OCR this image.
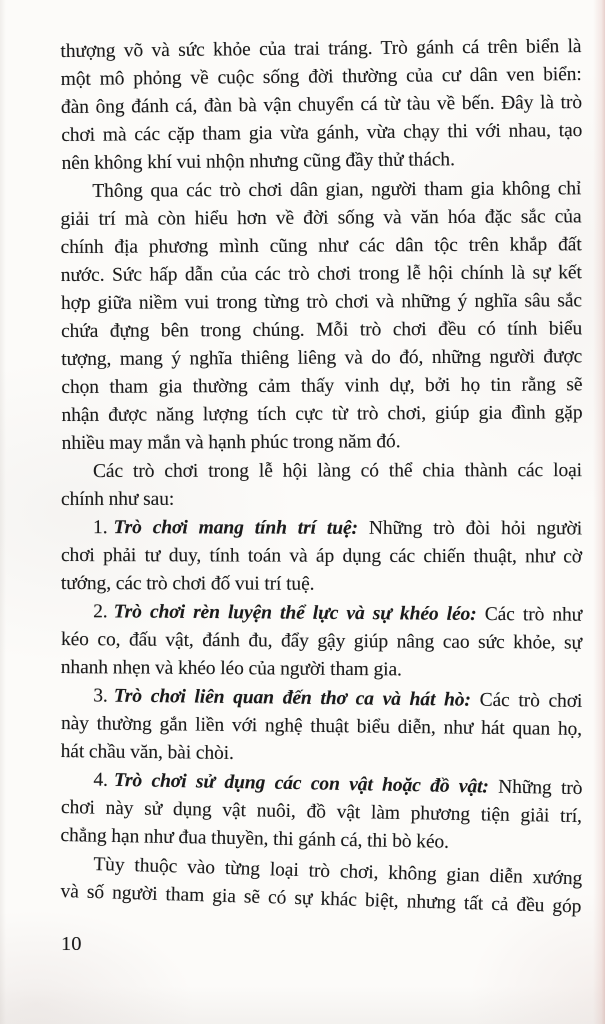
thượng võ và sức khỏe của trai tráng. Trò gánh cá trên biển là
một mô phỏng về cuộc sống đời thường của cư dân ven biển:
đàn ông đánh cá, đàn bà vận chuyển cá từ tàu về bến. Đây là trò
chơi mà các cặp tham gia vừa gánh, vừa chạy thi với nhau, tạo
nên không khí vui nhộn nhưng cũng đầy thử thách.
Thông qua các trò chơi dân gian, người tham gia không chỉ
giải trí mà còn hiểu hơn về đời sống và văn hóa đặc sắc của
chính địa phương mình cũng như các dân tộc trên khắp đất
nước. Sức hấp dẫn của các trò chơi trong lễ hội chính là sự kết
hợp giữa niềm vui trong từng trò chơi và những ý nghĩa sâu sắc
chứa đựng bên trong chúng. Mỗi trò chơi đều có tính biểu
tượng, mang ý nghĩa thiêng liêng và do đó, những người được
chọn tham gia thường cảm thấy vinh dự, bởi họ tin rằng sẽ
nhận được năng lượng tích cực từ trò chơi, giúp gia đình gặp
nhiều may mắn và hạnh phúc trong năm đó.
Các trò chơi trong lễ hội làng có thể chia thành các loại
chính như sau:
1. Trò chơi mang tính trí tuệ: Những trò đòi hỏi người
chơi phải tư duy, tính toán và áp dụng các chiến thuật, như cờ
tướng, các trò chơi đố vui trí tuệ.
2. Trò chơi rèn luyện thể lực và sự khéo léo: Các trò như
kéo co, đấu vật, đánh đu, đẩy gậy giúp nâng cao sức khỏe, sự
nhanh nhẹn và khéo léo của người tham gia.
3. Trò chơi liên quan đến thơ ca và hát hò: Các trò chơi
này thường gắn liền với nghệ thuật biểu diễn, như hát quan họ,
hát chầu văn, bài chòi.
4. Trò chơi sử dụng các con vật hoặc đồ vật: Những trò
chơi này sử dụng vật nuôi, đồ vật làm phương tiện giải trí,
chẳng hạn như đua thuyền, thi gánh cá, thi bò kéo.
Tùy thuộc vào từng loại trò chơi, không gian diễn xướng
và số người tham gia sẽ có sự khác biệt, nhưng tất cả đều góp
10
